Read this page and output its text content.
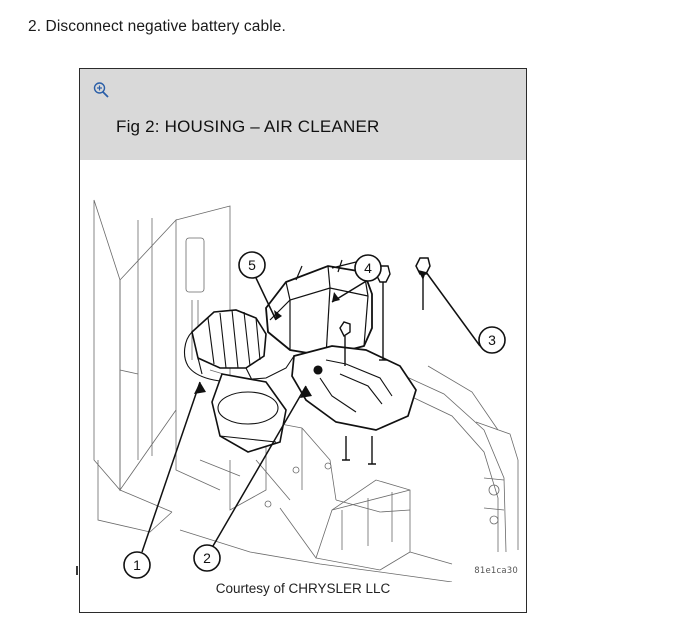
2. Disconnect negative battery cable.
Fig 2: HOUSING – AIR CLEANER
1	2
3
4
5
81e1ca30
Courtesy of CHRYSLER LLC
